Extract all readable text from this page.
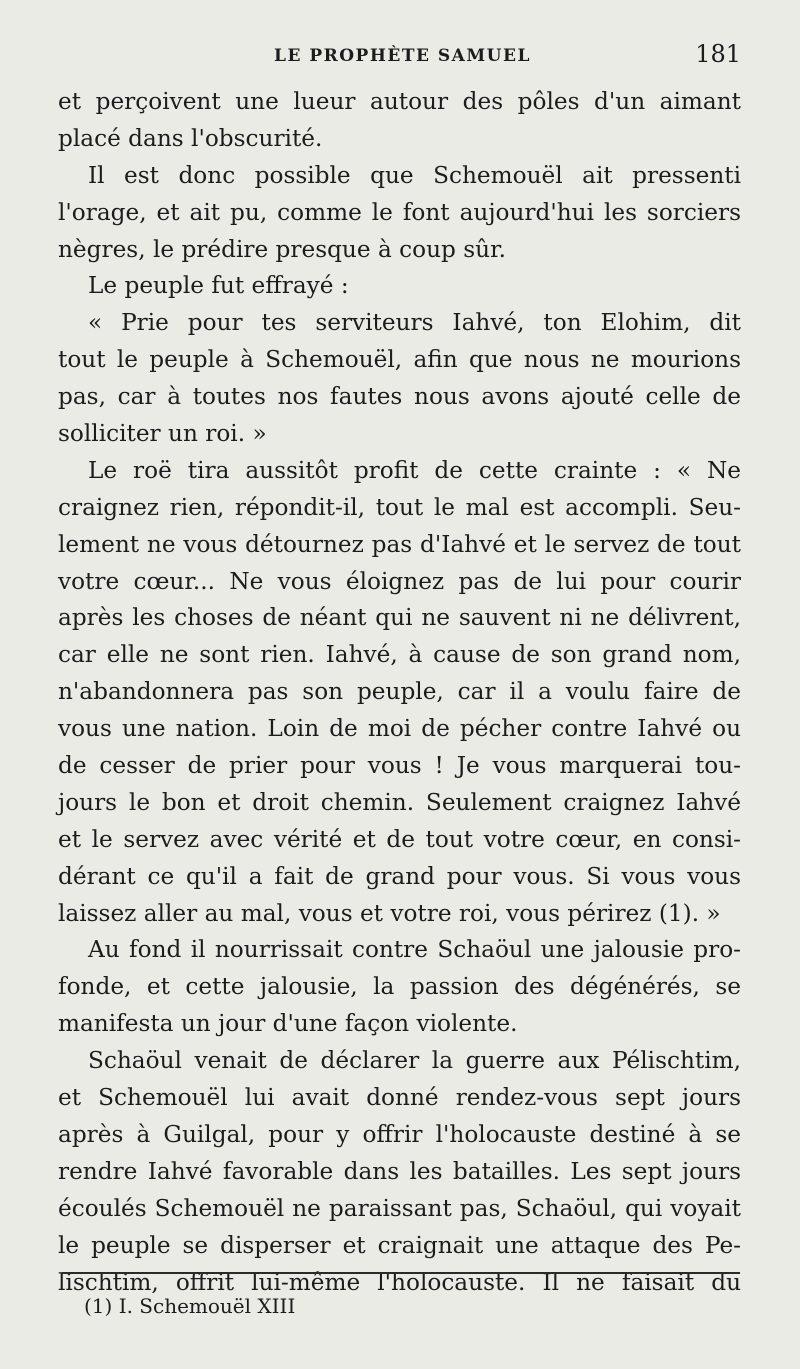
LE PROPHÈTE SAMUEL	181
et perçoivent une lueur autour des pôles d'un aimant
placé dans l'obscurité.
Il est donc possible que Schemouël ait pressenti
l'orage, et ait pu, comme le font aujourd'hui les sorciers
nègres, le prédire presque à coup sûr.
Le peuple fut effrayé :
« Prie pour tes serviteurs Iahvé, ton Elohim, dit
tout le peuple à Schemouël, afin que nous ne mourions
pas, car à toutes nos fautes nous avons ajouté celle de
solliciter un roi. »
Le roë tira aussitôt profit de cette crainte : « Ne
craignez rien, répondit-il, tout le mal est accompli. Seu-
lement ne vous détournez pas d'Iahvé et le servez de tout
votre cœur... Ne vous éloignez pas de lui pour courir
après les choses de néant qui ne sauvent ni ne délivrent,
car elle ne sont rien. Iahvé, à cause de son grand nom,
n'abandonnera pas son peuple, car il a voulu faire de
vous une nation. Loin de moi de pécher contre Iahvé ou
de cesser de prier pour vous ! Je vous marquerai tou-
jours le bon et droit chemin. Seulement craignez Iahvé
et le servez avec vérité et de tout votre cœur, en consi-
dérant ce qu'il a fait de grand pour vous. Si vous vous
laissez aller au mal, vous et votre roi, vous périrez (1). »
Au fond il nourrissait contre Schaöul une jalousie pro-
fonde, et cette jalousie, la passion des dégénérés, se
manifesta un jour d'une façon violente.
Schaöul venait de déclarer la guerre aux Pélischtim,
et Schemouël lui avait donné rendez-vous sept jours
après à Guilgal, pour y offrir l'holocauste destiné à se
rendre Iahvé favorable dans les batailles. Les sept jours
écoulés Schemouël ne paraissant pas, Schaöul, qui voyait
le peuple se disperser et craignait une attaque des Pe-
lischtim, offrit lui-même l'holocauste. Il ne faisait du
(1) I. Schemouël XIII
